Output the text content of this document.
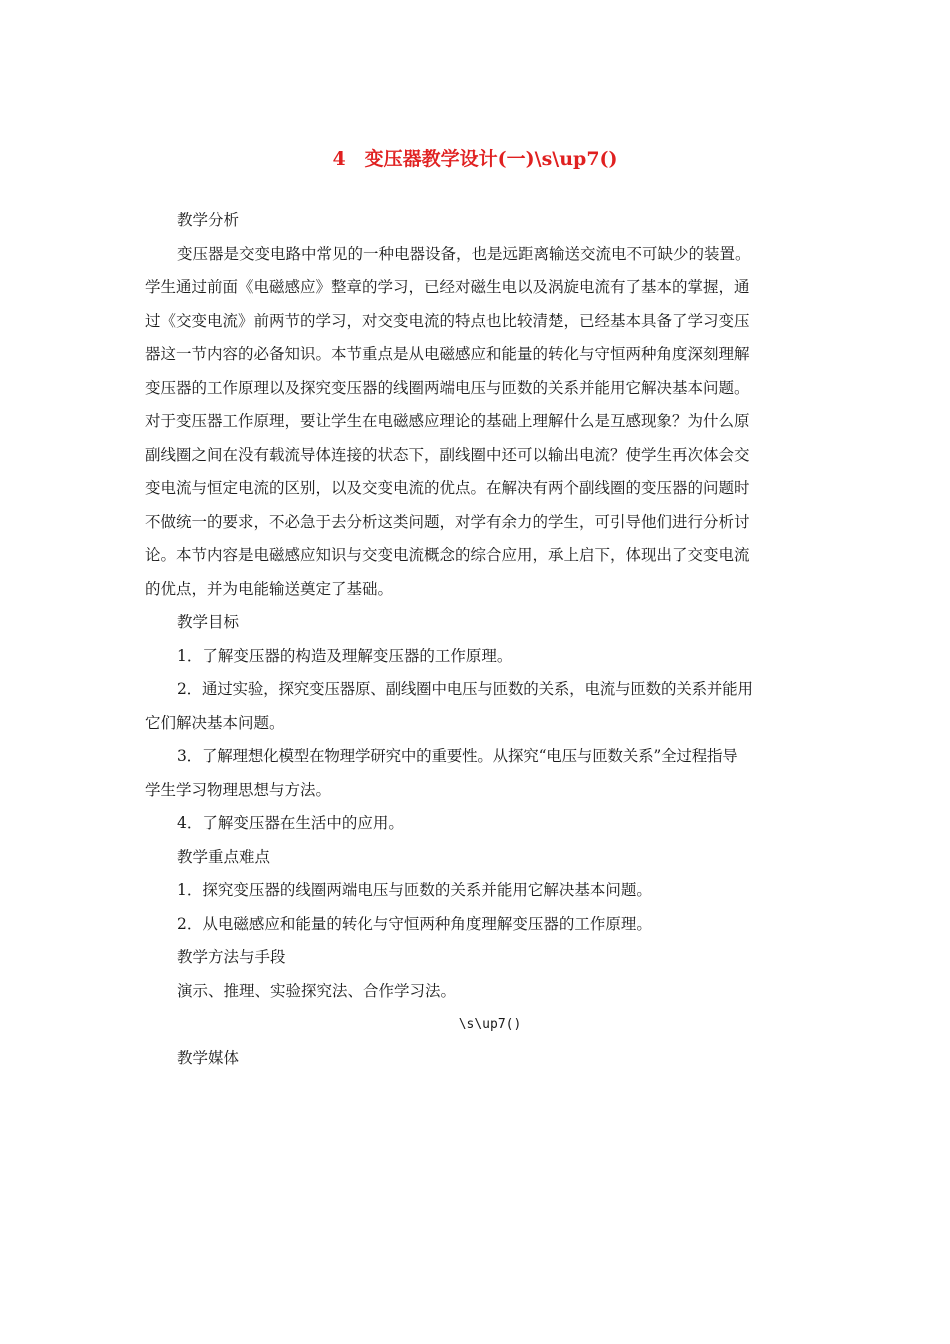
4　变压器教学设计(一)\s\up7()

教学分析

变压器是交变电路中常见的一种电器设备，也是远距离输送交流电不可缺少的装置。

学生通过前面《电磁感应》整章的学习，已经对磁生电以及涡旋电流有了基本的掌握，通

过《交变电流》前两节的学习，对交变电流的特点也比较清楚，已经基本具备了学习变压

器这一节内容的必备知识。本节重点是从电磁感应和能量的转化与守恒两种角度深刻理解

变压器的工作原理以及探究变压器的线圈两端电压与匝数的关系并能用它解决基本问题。

对于变压器工作原理，要让学生在电磁感应理论的基础上理解什么是互感现象？为什么原

副线圈之间在没有载流导体连接的状态下，副线圈中还可以输出电流？使学生再次体会交

变电流与恒定电流的区别，以及交变电流的优点。在解决有两个副线圈的变压器的问题时

不做统一的要求，不必急于去分析这类问题，对学有余力的学生，可引导他们进行分析讨

论。本节内容是电磁感应知识与交变电流概念的综合应用，承上启下，体现出了交变电流

的优点，并为电能输送奠定了基础。

教学目标

1．了解变压器的构造及理解变压器的工作原理。

2．通过实验，探究变压器原、副线圈中电压与匝数的关系，电流与匝数的关系并能用

它们解决基本问题。

3．了解理想化模型在物理学研究中的重要性。从探究“电压与匝数关系”全过程指导

学生学习物理思想与方法。

4．了解变压器在生活中的应用。

教学重点难点

1．探究变压器的线圈两端电压与匝数的关系并能用它解决基本问题。

2．从电磁感应和能量的转化与守恒两种角度理解变压器的工作原理。

教学方法与手段

演示、推理、实验探究法、合作学习法。

\s\up7()

教学媒体
